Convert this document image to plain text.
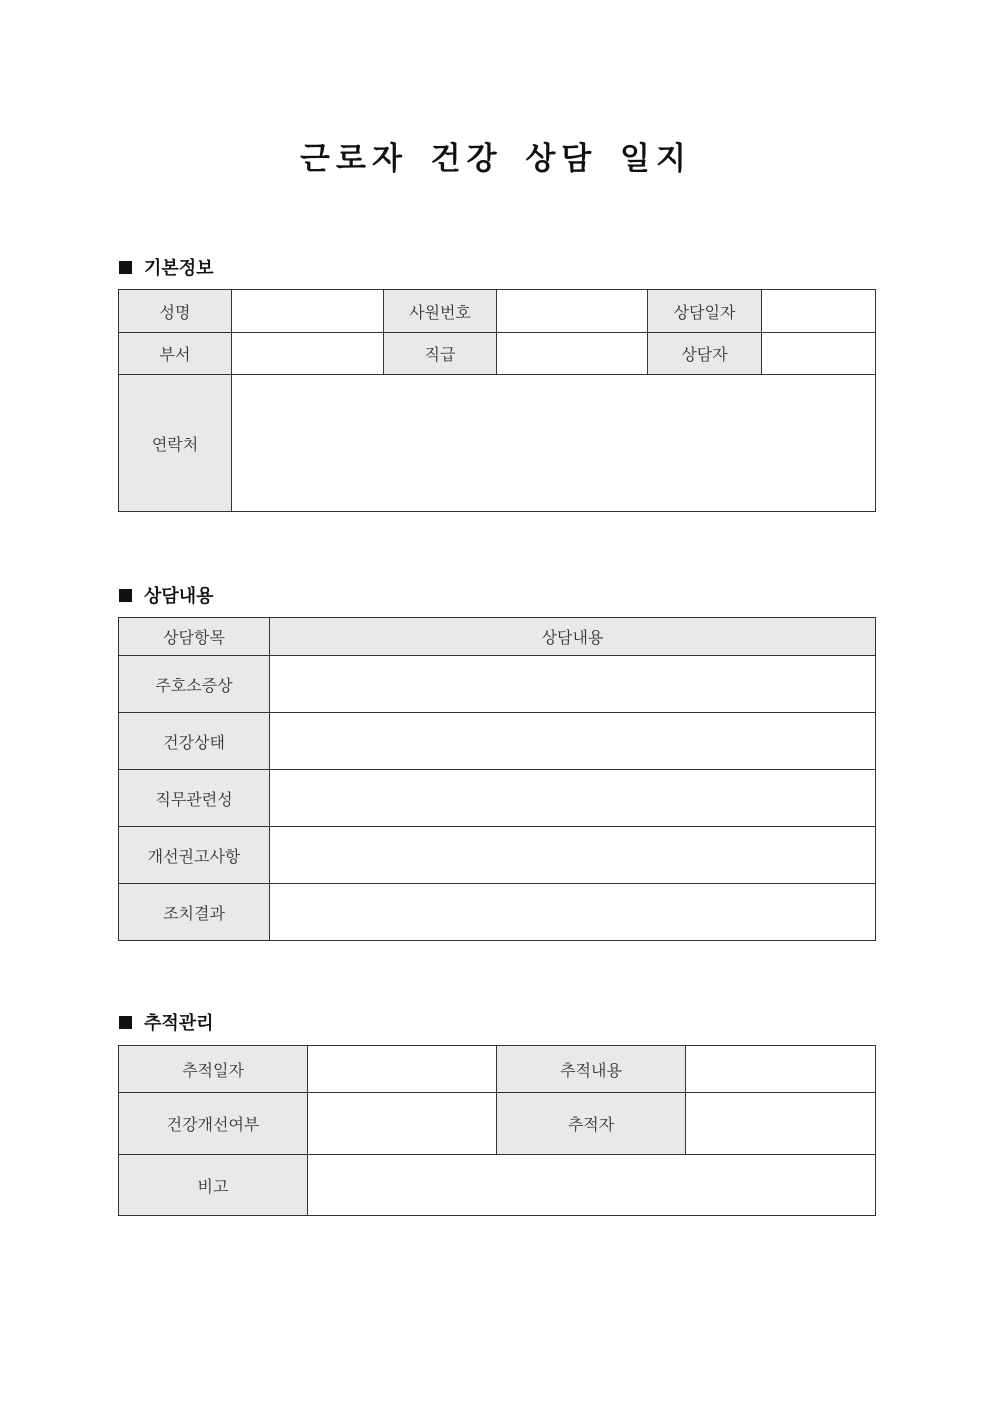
근로자 건강 상담 일지
기본정보
성명		사원번호		상담일자	
부서		직급		상담자	
연락처					
상담내용
상담항목	상담내용
주호소증상	
건강상태	
직무관련성	
개선권고사항	
조치결과	
추적관리
추적일자		추적내용	
건강개선여부		추적자	
비고			
